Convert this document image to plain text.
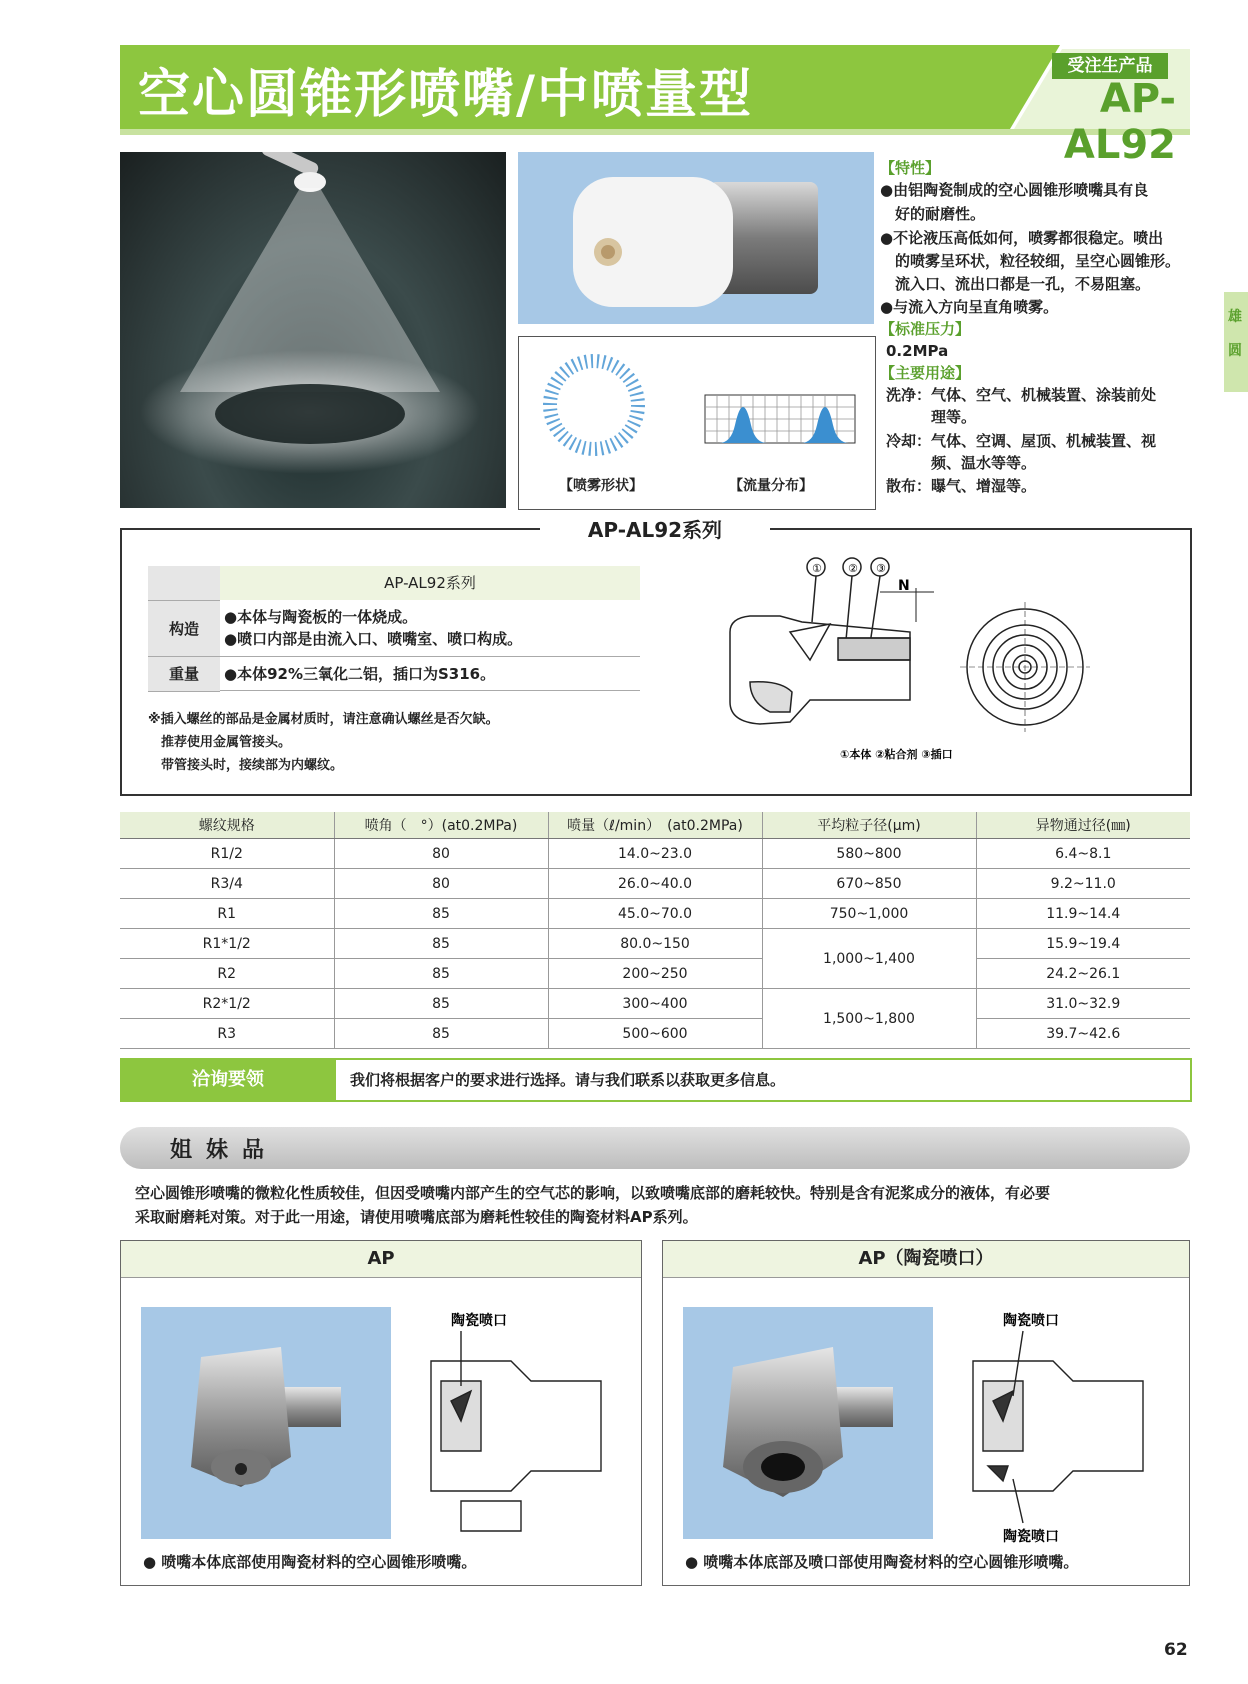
空心圆锥形喷嘴/中喷量型	受注生产品
AP-AL92
雄
圆
【喷雾形状】	【流量分布】
【特性】
●由铝陶瓷制成的空心圆锥形喷嘴具有良
　好的耐磨性。
●不论液压高低如何，喷雾都很稳定。喷出
　的喷雾呈环状，粒径较细，呈空心圆锥形。
　流入口、流出口都是一孔，不易阻塞。
●与流入方向呈直角喷雾。
【标准压力】
0.2MPa
【主要用途】
洗净：气体、空气、机械装置、涂装前处
　　　理等。
冷却：气体、空调、屋顶、机械装置、视
　　　频、温水等等。
散布：曝气、增湿等。
AP-AL92系列
AP-AL92系列
构造
●本体与陶瓷板的一体烧成。
●喷口内部是由流入口、喷嘴室、喷口构成。
重量	●本体92%三氧化二铝，插口为S316。
※插入螺丝的部品是金属材质时，请注意确认螺丝是否欠缺。
　推荐使用金属管接头。
　带管接头时，接续部为内螺纹。
① ② ③
N
①本体 ②粘合剂 ③插口
螺纹规格	喷角（　°）(at0.2MPa)	喷量（ℓ/min）　(at0.2MPa)	平均粒子径(μm)	异物通过径(㎜)
R1/2	80	14.0~23.0	580~800	6.4~8.1
R3/4	80	26.0~40.0	670~850	9.2~11.0
R1	85	45.0~70.0	750~1,000	11.9~14.4
R1*1/2	85	80.0~150	1,000~1,400	15.9~19.4
R2	85	200~250		24.2~26.1
R2*1/2	85	300~400	1,500~1,800	31.0~32.9
R3	85	500~600		39.7~42.6
洽询要领	我们将根据客户的要求进行选择。请与我们联系以获取更多信息。
姐妹品
空心圆锥形喷嘴的微粒化性质较佳，但因受喷嘴内部产生的空气芯的影响，以致喷嘴底部的磨耗较快。特别是含有泥浆成分的液体，有必要
采取耐磨耗对策。对于此一用途，请使用喷嘴底部为磨耗性较佳的陶瓷材料AP系列。
AP
陶瓷喷口
● 喷嘴本体底部使用陶瓷材料的空心圆锥形喷嘴。
AP（陶瓷喷口）
陶瓷喷口
陶瓷喷口
● 喷嘴本体底部及喷口部使用陶瓷材料的空心圆锥形喷嘴。
62
